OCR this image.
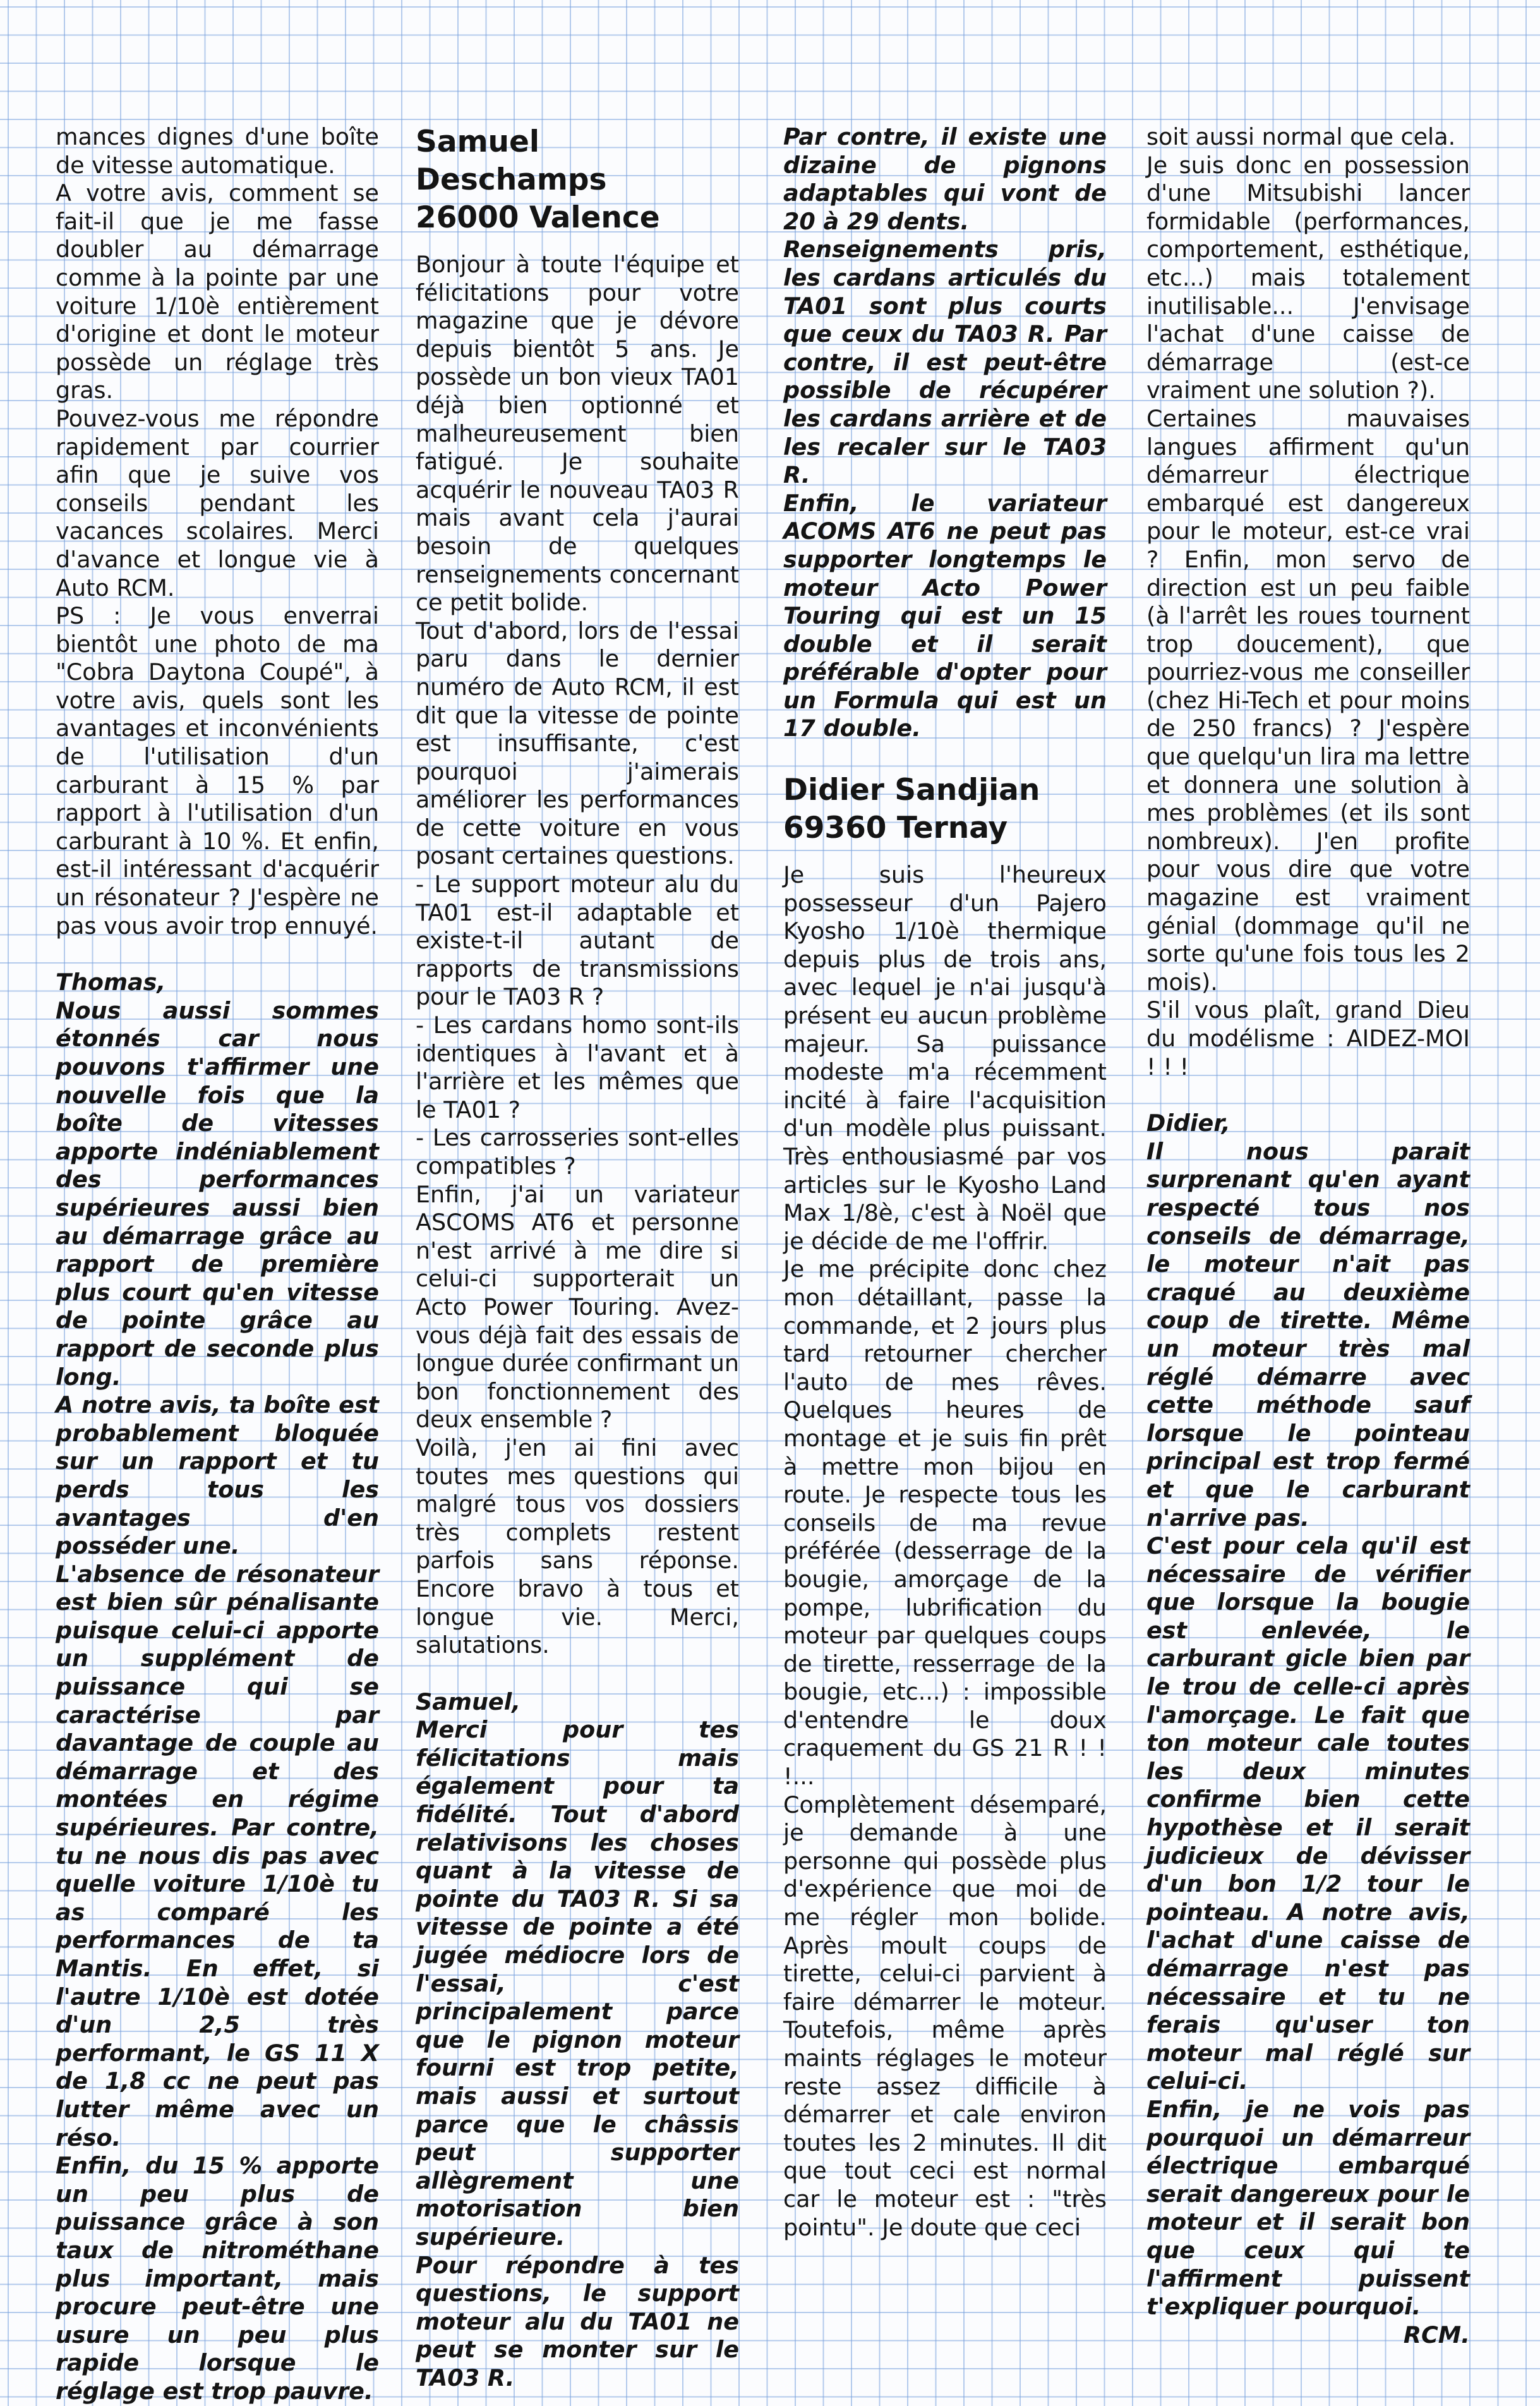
mances dignes d'une boîte de vitesse automatique.
A votre avis, comment se fait-il que je me fasse doubler au démarrage comme à la pointe par une voiture 1/10è entièrement d'origine et dont le moteur possède un réglage très gras.
Pouvez-vous me répondre rapidement par courrier afin que je suive vos conseils pendant les vacances scolaires. Merci d'avance et longue vie à Auto RCM.
PS : Je vous enverrai bientôt une photo de ma "Cobra Daytona Coupé", à votre avis, quels sont les avantages et inconvénients de l'utilisation d'un carburant à 15 % par rapport à l'utilisation d'un carburant à 10 %. Et enfin, est-il intéressant d'acquérir un résonateur ? J'espère ne pas vous avoir trop ennuyé.

Thomas,
Nous aussi sommes étonnés car nous pouvons t'affirmer une nouvelle fois que la boîte de vitesses apporte indéniablement des performances supérieures aussi bien au démarrage grâce au rapport de première plus court qu'en vitesse de pointe grâce au rapport de seconde plus long.
A notre avis, ta boîte est probablement bloquée sur un rapport et tu perds tous les avantages d'en posséder une.
L'absence de résonateur est bien sûr pénalisante puisque celui-ci apporte un supplément de puissance qui se caractérise par davantage de couple au démarrage et des montées en régime supérieures. Par contre, tu ne nous dis pas avec quelle voiture 1/10è tu as comparé les performances de ta Mantis. En effet, si l'autre 1/10è est dotée d'un 2,5 très performant, le GS 11 X de 1,8 cc ne peut pas lutter même avec un réso.
Enfin, du 15 % apporte un peu plus de puissance grâce à son taux de nitrométhane plus important, mais procure peut-être une usure un peu plus rapide lorsque le réglage est trop pauvre.

Samuel Deschamps
26000 Valence

Bonjour à toute l'équipe et félicitations pour votre magazine que je dévore depuis bientôt 5 ans. Je possède un bon vieux TA01 déjà bien optionné et malheureusement bien fatigué. Je souhaite acquérir le nouveau TA03 R mais avant cela j'aurai besoin de quelques renseignements concernant ce petit bolide.
Tout d'abord, lors de l'essai paru dans le dernier numéro de Auto RCM, il est dit que la vitesse de pointe est insuffisante, c'est pourquoi j'aimerais améliorer les performances de cette voiture en vous posant certaines questions.
- Le support moteur alu du TA01 est-il adaptable et existe-t-il autant de rapports de transmissions pour le TA03 R ?
- Les cardans homo sont-ils identiques à l'avant et à l'arrière et les mêmes que le TA01 ?
- Les carrosseries sont-elles compatibles ?
Enfin, j'ai un variateur ASCOMS AT6 et personne n'est arrivé à me dire si celui-ci supporterait un Acto Power Touring. Avez-vous déjà fait des essais de longue durée confirmant un bon fonctionnement des deux ensemble ?
Voilà, j'en ai fini avec toutes mes questions qui malgré tous vos dossiers très complets restent parfois sans réponse. Encore bravo à tous et longue vie. Merci, salutations.

Samuel,
Merci pour tes félicitations mais également pour ta fidélité. Tout d'abord relativisons les choses quant à la vitesse de pointe du TA03 R. Si sa vitesse de pointe a été jugée médiocre lors de l'essai, c'est principalement parce que le pignon moteur fourni est trop petite, mais aussi et surtout parce que le châssis peut supporter allègrement une motorisation bien supérieure.
Pour répondre à tes questions, le support moteur alu du TA01 ne peut se monter sur le TA03 R.

Par contre, il existe une dizaine de pignons adaptables qui vont de 20 à 29 dents.
Renseignements pris, les cardans articulés du TA01 sont plus courts que ceux du TA03 R. Par contre, il est peut-être possible de récupérer les cardans arrière et de les recaler sur le TA03 R.
Enfin, le variateur ACOMS AT6 ne peut pas supporter longtemps le moteur Acto Power Touring qui est un 15 double et il serait préférable d'opter pour un Formula qui est un 17 double.

Didier Sandjian
69360 Ternay

Je suis l'heureux possesseur d'un Pajero Kyosho 1/10è thermique depuis plus de trois ans, avec lequel je n'ai jusqu'à présent eu aucun problème majeur. Sa puissance modeste m'a récemment incité à faire l'acquisition d'un modèle plus puissant. Très enthousiasmé par vos articles sur le Kyosho Land Max 1/8è, c'est à Noël que je décide de me l'offrir.
Je me précipite donc chez mon détaillant, passe la commande, et 2 jours plus tard retourner chercher l'auto de mes rêves. Quelques heures de montage et je suis fin prêt à mettre mon bijou en route. Je respecte tous les conseils de ma revue préférée (desserrage de la bougie, amorçage de la pompe, lubrification du moteur par quelques coups de tirette, resserrage de la bougie, etc...) : impossible d'entendre le doux craquement du GS 21 R ! ! !...
Complètement désemparé, je demande à une personne qui possède plus d'expérience que moi de me régler mon bolide. Après moult coups de tirette, celui-ci parvient à faire démarrer le moteur. Toutefois, même après maints réglages le moteur reste assez difficile à démarrer et cale environ toutes les 2 minutes. Il dit que tout ceci est normal car le moteur est : "très pointu". Je doute que ceci

soit aussi normal que cela.
Je suis donc en possession d'une Mitsubishi lancer formidable (performances, comportement, esthétique, etc...) mais totalement inutilisable... J'envisage l'achat d'une caisse de démarrage (est-ce vraiment une solution ?).
Certaines mauvaises langues affirment qu'un démarreur électrique embarqué est dangereux pour le moteur, est-ce vrai ? Enfin, mon servo de direction est un peu faible (à l'arrêt les roues tournent trop doucement), que pourriez-vous me conseiller (chez Hi-Tech et pour moins de 250 francs) ? J'espère que quelqu'un lira ma lettre et donnera une solution à mes problèmes (et ils sont nombreux). J'en profite pour vous dire que votre magazine est vraiment génial (dommage qu'il ne sorte qu'une fois tous les 2 mois).
S'il vous plaît, grand Dieu du modélisme : AIDEZ-MOI ! ! !

Didier,
Il nous parait surprenant qu'en ayant respecté tous nos conseils de démarrage, le moteur n'ait pas craqué au deuxième coup de tirette. Même un moteur très mal réglé démarre avec cette méthode sauf lorsque le pointeau principal est trop fermé et que le carburant n'arrive pas.
C'est pour cela qu'il est nécessaire de vérifier que lorsque la bougie est enlevée, le carburant gicle bien par le trou de celle-ci après l'amorçage. Le fait que ton moteur cale toutes les deux minutes confirme bien cette hypothèse et il serait judicieux de dévisser d'un bon 1/2 tour le pointeau. A notre avis, l'achat d'une caisse de démarrage n'est pas nécessaire et tu ne ferais qu'user ton moteur mal réglé sur celui-ci.
Enfin, je ne vois pas pourquoi un démarreur électrique embarqué serait dangereux pour le moteur et il serait bon que ceux qui te l'affirment puissent t'expliquer pourquoi.

RCM.
